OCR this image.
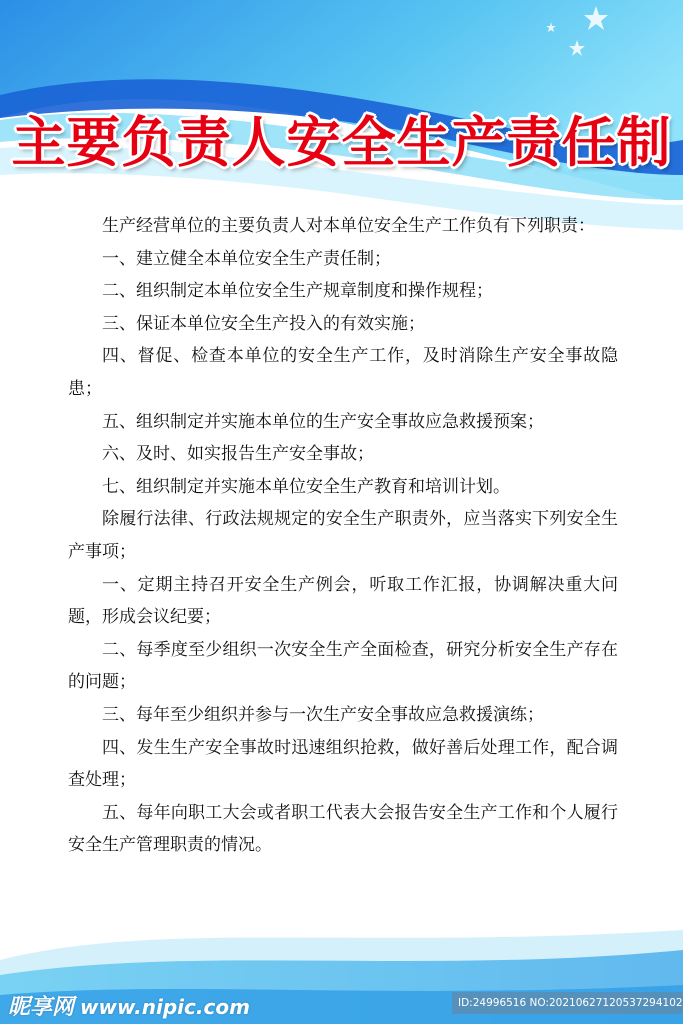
主要负责人安全生产责任制

生产经营单位的主要负责人对本单位安全生产工作负有下列职责：

一、建立健全本单位安全生产责任制；

二、组织制定本单位安全生产规章制度和操作规程；

三、保证本单位安全生产投入的有效实施；

四、督促、检查本单位的安全生产工作，及时消除生产安全事故隐患；

五、组织制定并实施本单位的生产安全事故应急救援预案；

六、及时、如实报告生产安全事故；

七、组织制定并实施本单位安全生产教育和培训计划。

除履行法律、行政法规规定的安全生产职责外，应当落实下列安全生产事项；

一、定期主持召开安全生产例会，听取工作汇报，协调解决重大问题，形成会议纪要；

二、每季度至少组织一次安全生产全面检查，研究分析安全生产存在的问题；

三、每年至少组织并参与一次生产安全事故应急救援演练；

四、发生生产安全事故时迅速组织抢救，做好善后处理工作，配合调查处理；

五、每年向职工大会或者职工代表大会报告安全生产工作和个人履行安全生产管理职责的情况。

昵享网 www.nipic.com	ID:24996516 NO:20210627120537294102
